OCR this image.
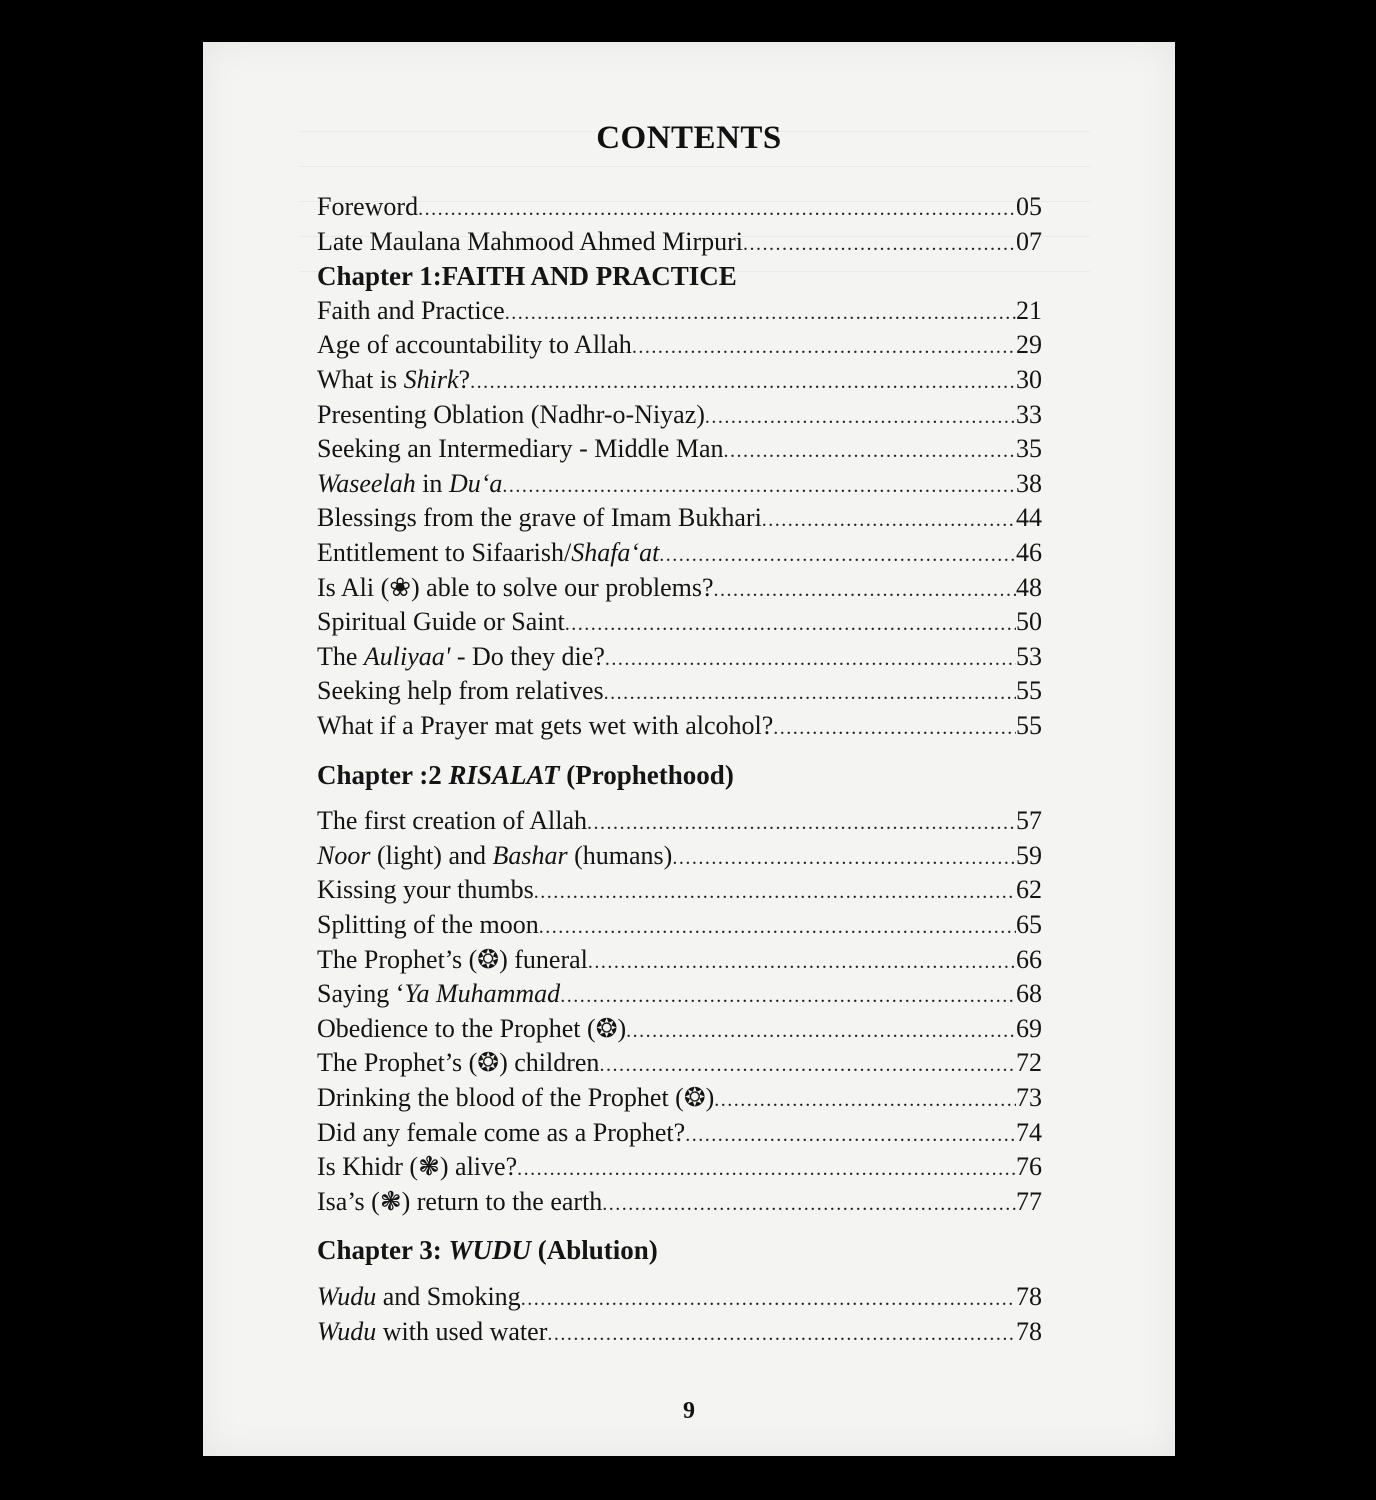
CONTENTS
Foreword .....	05
Late Maulana Mahmood Ahmed Mirpuri .....	07
Chapter 1:FAITH AND PRACTICE
Faith and Practice .....	21
Age of accountability to Allah .....	29
What is Shirk? .....	30
Presenting Oblation (Nadhr-o-Niyaz) .....	33
Seeking an Intermediary - Middle Man .....	35
Waseelah in Du‘a .....	38
Blessings from the grave of Imam Bukhari .....	44
Entitlement to Sifaarish/Shafa‘at .....	46
Is Ali (❀) able to solve our problems? .....	48
Spiritual Guide or Saint .....	50
The Auliyaa' - Do they die? .....	53
Seeking help from relatives .....	55
What if a Prayer mat gets wet with alcohol? .....	55
Chapter :2 RISALAT (Prophethood)
The first creation of Allah .....	57
Noor (light) and Bashar (humans) .....	59
Kissing your thumbs .....	62
Splitting of the moon .....	65
The Prophet’s (❂) funeral .....	66
Saying ‘Ya Muhammad .....	68
Obedience to the Prophet (❂) .....	69
The Prophet’s (❂) children .....	72
Drinking the blood of the Prophet (❂) .....	73
Did any female come as a Prophet? .....	74
Is Khidr (❃) alive? .....	76
Isa’s (❃) return to the earth .....	77
Chapter 3: WUDU (Ablution)
Wudu and Smoking .....	78
Wudu with used water .....	78
9
